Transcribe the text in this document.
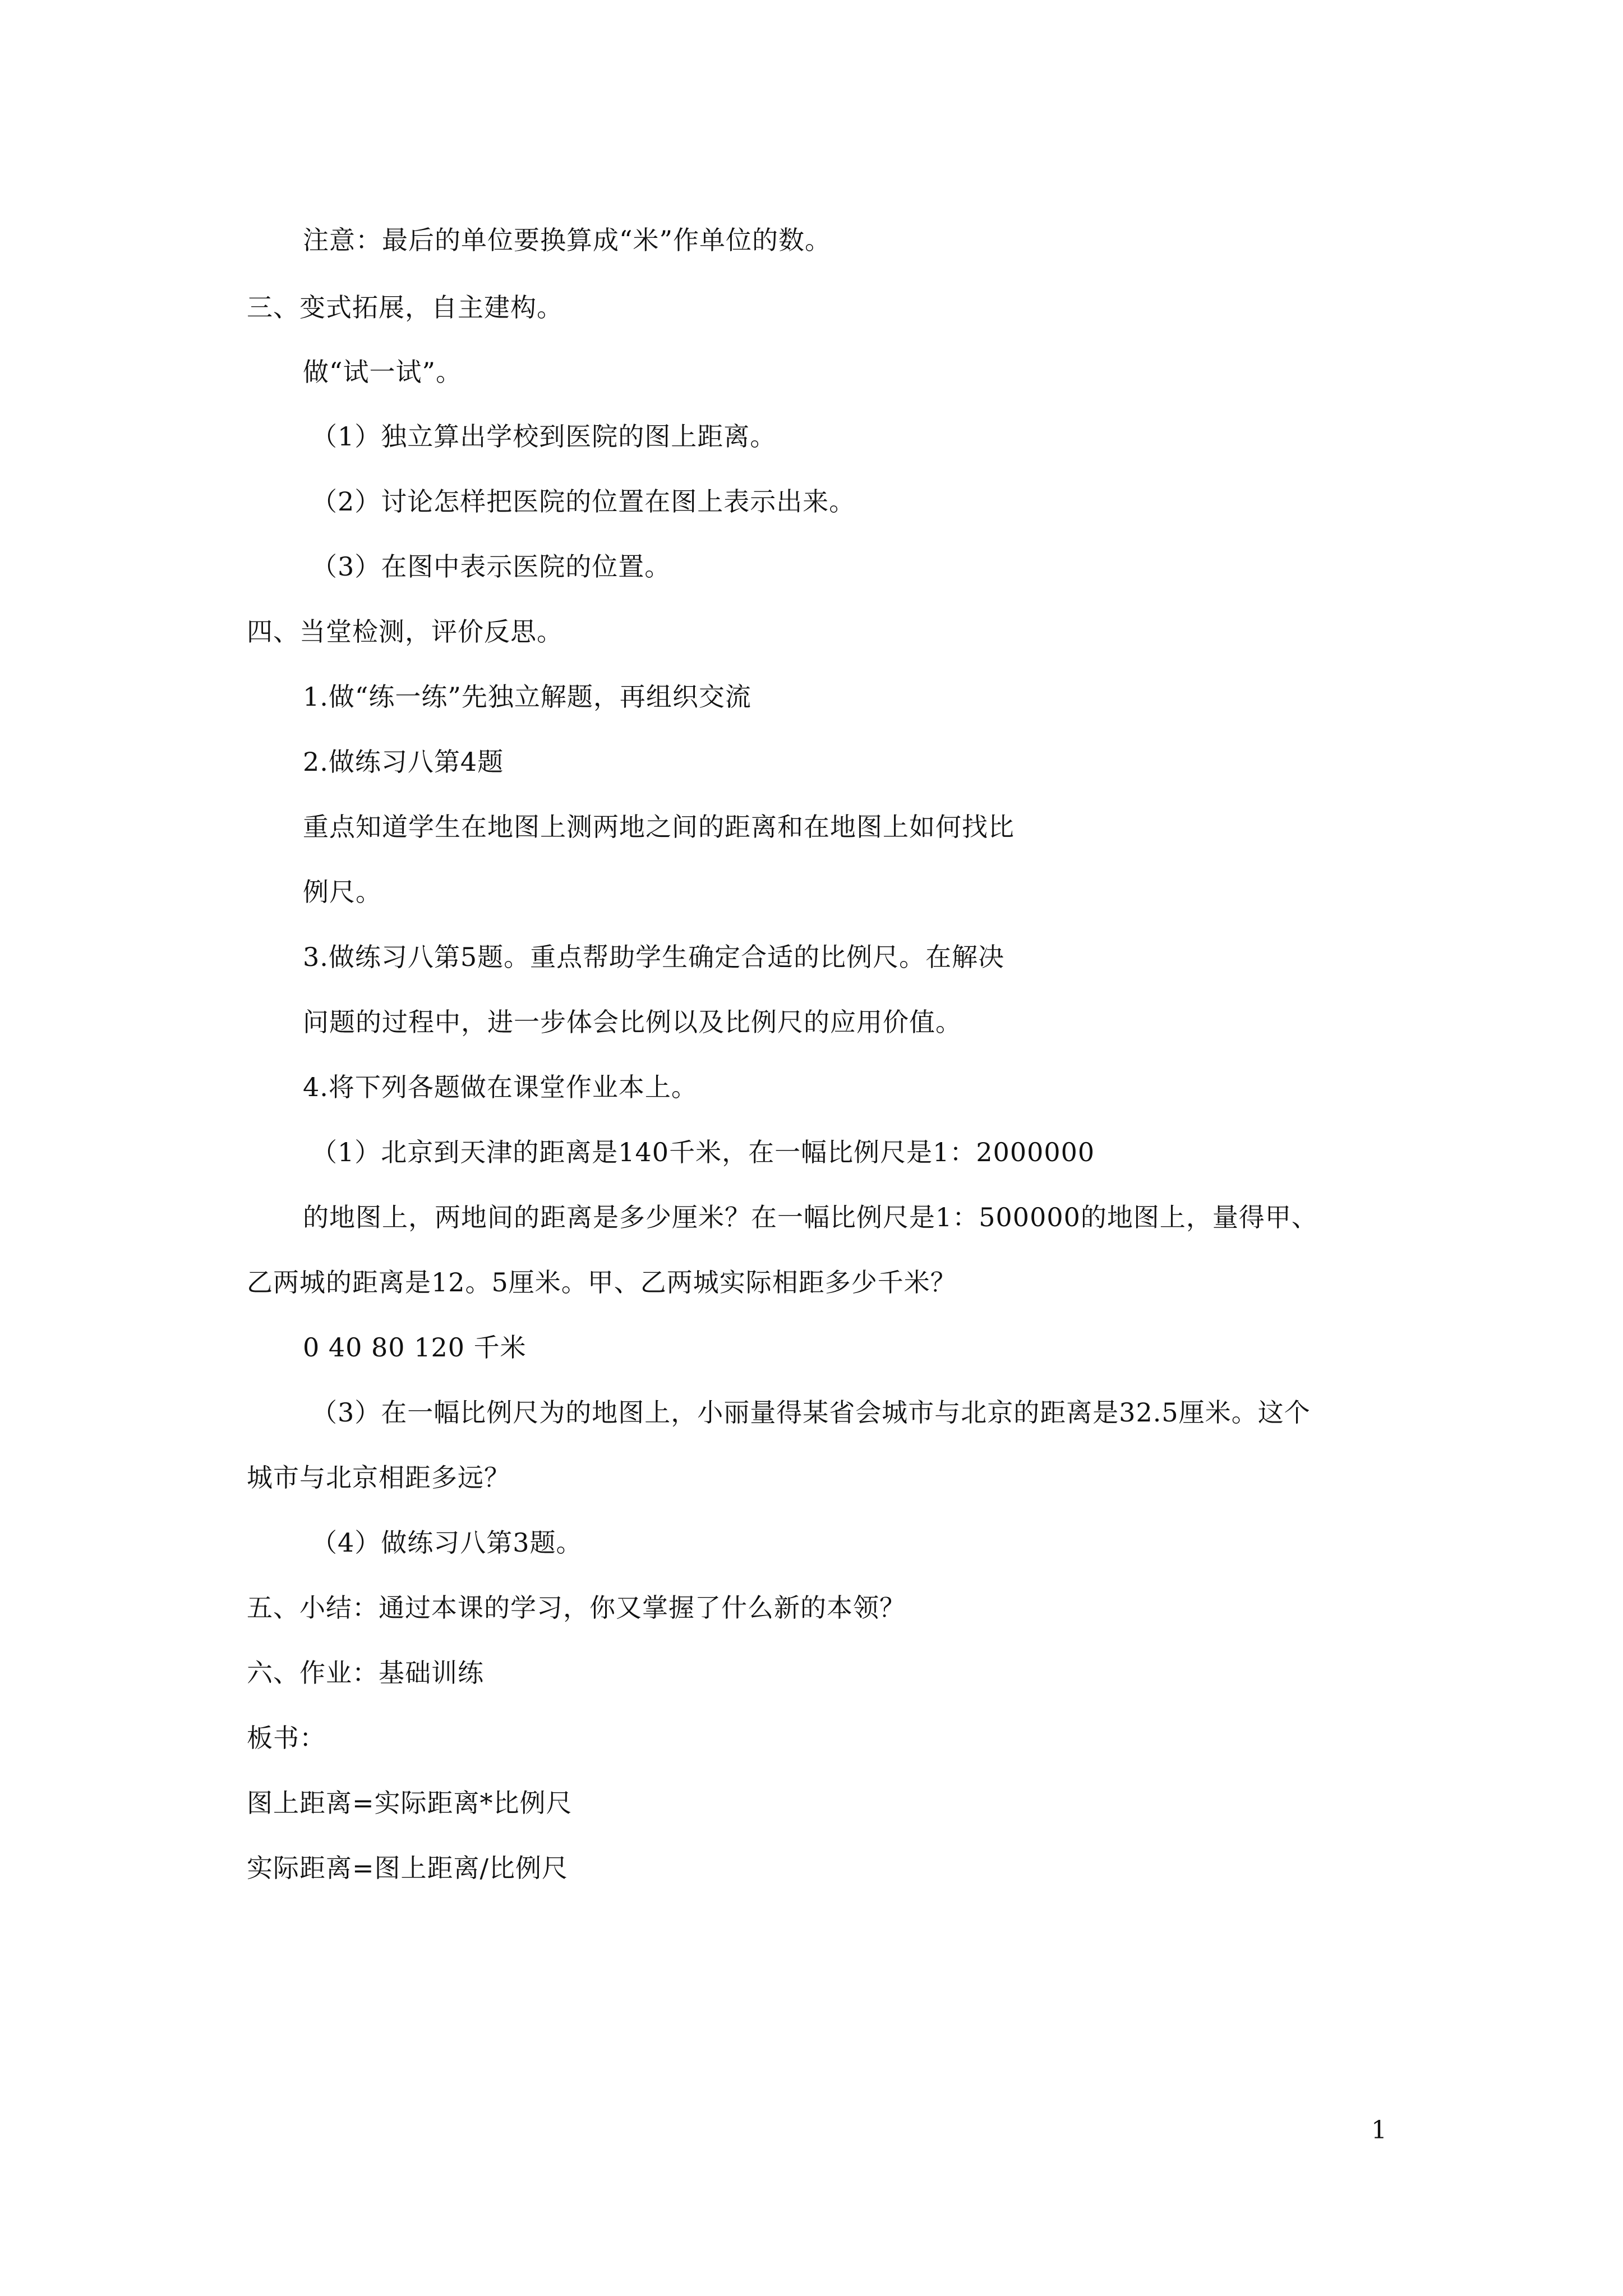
注意：最后的单位要换算成“米”作单位的数。
三、变式拓展，自主建构。
做“试一试”。
（1）独立算出学校到医院的图上距离。
（2）讨论怎样把医院的位置在图上表示出来。
（3）在图中表示医院的位置。
四、当堂检测，评价反思。
1.做“练一练”先独立解题，再组织交流
2.做练习八第4题
重点知道学生在地图上测两地之间的距离和在地图上如何找比
例尺。
3.做练习八第5题。重点帮助学生确定合适的比例尺。在解决
问题的过程中，进一步体会比例以及比例尺的应用价值。
4.将下列各题做在课堂作业本上。
（1）北京到天津的距离是140千米，在一幅比例尺是1：2000000
的地图上，两地间的距离是多少厘米？在一幅比例尺是1：500000的地图上，量得甲、
乙两城的距离是12。5厘米。甲、乙两城实际相距多少千米？
0 40 80 120 千米
（3）在一幅比例尺为的地图上，小丽量得某省会城市与北京的距离是32.5厘米。这个
城市与北京相距多远？
（4）做练习八第3题。
五、小结：通过本课的学习，你又掌握了什么新的本领？
六、作业：基础训练
板书：
图上距离=实际距离*比例尺
实际距离=图上距离/比例尺
1
